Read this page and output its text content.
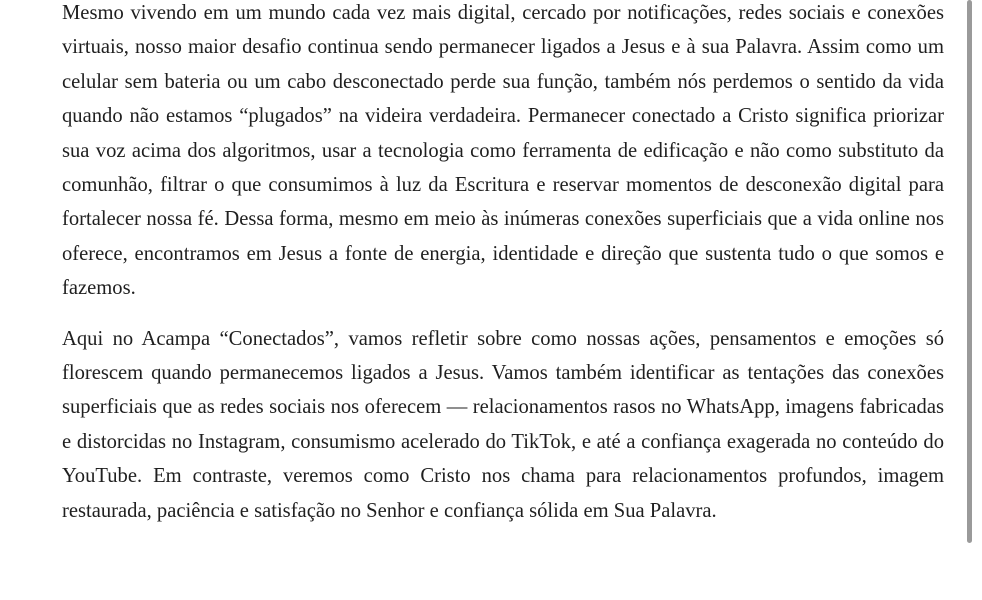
Mesmo vivendo em um mundo cada vez mais digital, cercado por notificações, redes sociais e conexões virtuais, nosso maior desafio continua sendo permanecer ligados a Jesus e à sua Palavra. Assim como um celular sem bateria ou um cabo desconectado perde sua função, também nós perdemos o sentido da vida quando não estamos “plugados” na videira verdadeira. Permanecer conectado a Cristo significa priorizar sua voz acima dos algoritmos, usar a tecnologia como ferramenta de edificação e não como substituto da comunhão, filtrar o que consumimos à luz da Escritura e reservar momentos de desconexão digital para fortalecer nossa fé. Dessa forma, mesmo em meio às inúmeras conexões superficiais que a vida online nos oferece, encontramos em Jesus a fonte de energia, identidade e direção que sustenta tudo o que somos e fazemos.

Aqui no Acampa “Conectados”, vamos refletir sobre como nossas ações, pensamentos e emoções só florescem quando permanecemos ligados a Jesus. Vamos também identificar as tentações das conexões superficiais que as redes sociais nos oferecem — relacionamentos rasos no WhatsApp, imagens fabricadas e distorcidas no Instagram, consumismo acelerado do TikTok, e até a confiança exagerada no conteúdo do YouTube. Em contraste, veremos como Cristo nos chama para relacionamentos profundos, imagem restaurada, paciência e satisfação no Senhor e confiança sólida em Sua Palavra.
